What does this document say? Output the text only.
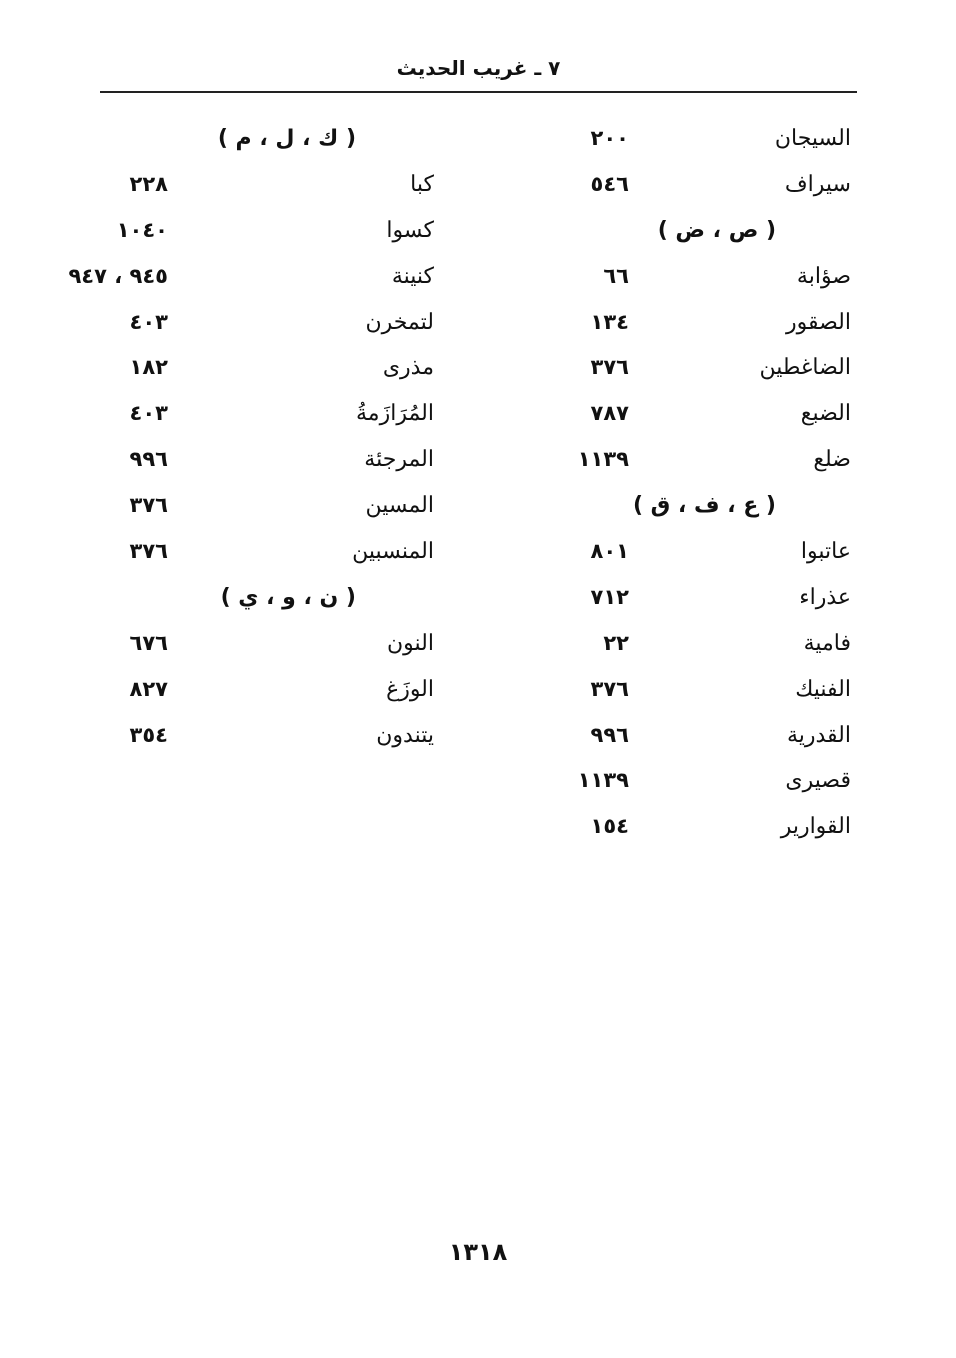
٧ ـ غريب الحديث
السيجان
٢٠٠
سيراف
٥٤٦
( ص ، ض )
صؤابة
٦٦
الصقور
١٣٤
الضاغطين
٣٧٦
الضبع
٧٨٧
ضلع
١١٣٩
( ع ، ف ، ق )
عاتبوا
٨٠١
عذراء
٧١٢
فامية
٢٢
الفنيك
٣٧٦
القدرية
٩٩٦
قصيرى
١١٣٩
القوارير
١٥٤
( ك ، ل ، م )
كبا
٢٢٨
كسوا
١٠٤٠
كنينة
٩٤٥ ، ٩٤٧
لتمخرن
٤٠٣
مذرى
١٨٢
المُرَازَمةُ
٤٠٣
المرجئة
٩٩٦
المسين
٣٧٦
المنسبين
٣٧٦
( ن ، و ، ي )
النون
٦٧٦
الوزَغ
٨٢٧
يتندون
٣٥٤
١٣١٨
